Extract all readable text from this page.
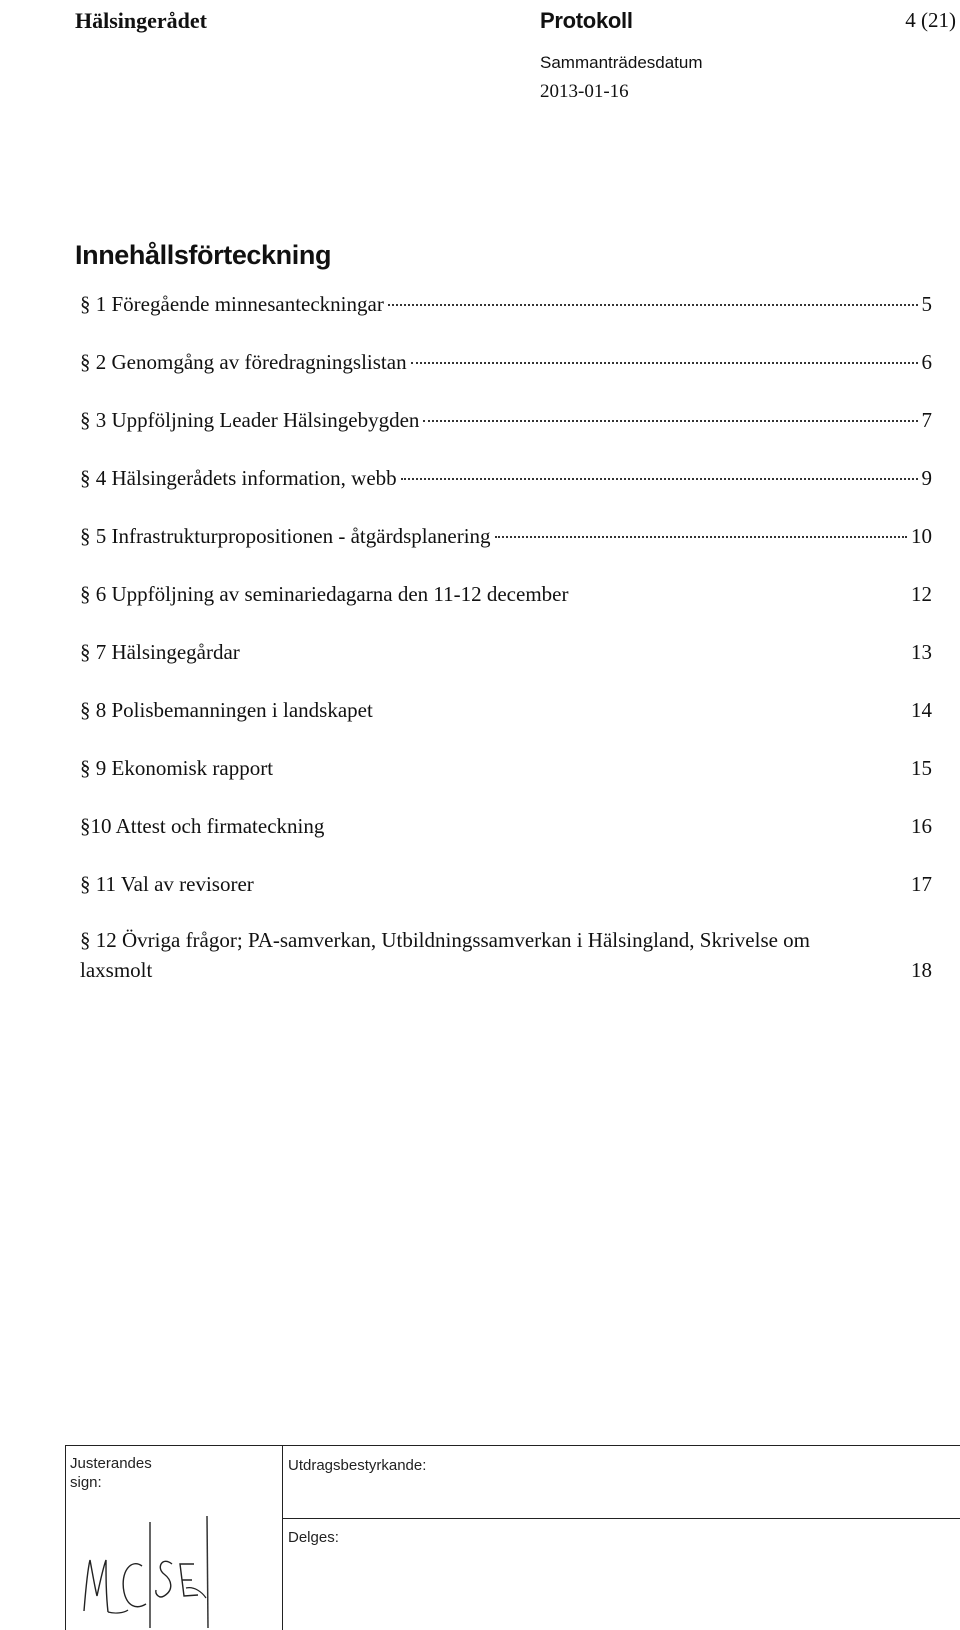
Hälsingerådet	Protokoll	4 (21)
Sammanträdesdatum
2013-01-16
Innehållsförteckning
§ 1 Föregående minnesanteckningar	5
§ 2 Genomgång av föredragningslistan	6
§ 3 Uppföljning Leader Hälsingebygden	7
§ 4 Hälsingerådets information, webb	9
§ 5 Infrastrukturpropositionen - åtgärdsplanering	10
§ 6 Uppföljning av seminariedagarna den 11-12 december	12
§ 7 Hälsingegårdar	13
§ 8 Polisbemanningen i landskapet	14
§ 9 Ekonomisk rapport	15
§10 Attest och firmateckning	16
§ 11 Val av revisorer	17
§ 12 Övriga frågor; PA-samverkan, Utbildningssamverkan i Hälsingland, Skrivelse om
laxsmolt	18
Justerandes
sign:
Utdragsbestyrkande:
Delges:
